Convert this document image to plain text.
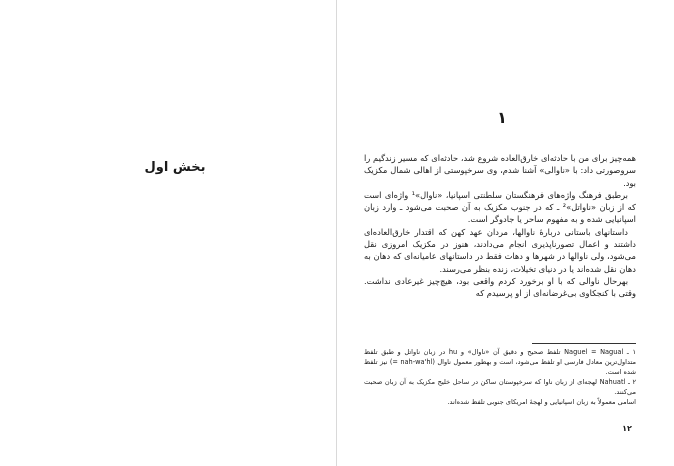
بخش اول
۱

همه‌چیز برای من با حادثه‌ای خارق‌العاده شروع شد، حادثه‌ای که مسیر زندگیم را سروصورتی داد: با «ناوالی» آشنا شدم، وی سرخپوستی از اهالی شمال مکزیک بود.

برطبق فرهنگ واژه‌های فرهنگستان سلطنتی اسپانیا، «ناوال»¹ واژه‌ای است که از زبان «ناواتل»² ـ که در جنوب مکزیک به آن صحبت می‌شود ـ وارد زبان اسپانیایی شده و به مفهوم ساحر یا جادوگر است.

داستانهای باستانی دربارهٔ ناوالها، مردان عهد کهن که اقتدار خارق‌العاده‌ای داشتند و اعمال تصورناپذیری انجام می‌دادند، هنوز در مکزیک امروزی نقل می‌شود، ولی ناوالها در شهرها و دهات فقط در داستانهای عامیانه‌ای که دهان به دهان نقل شده‌اند یا در دنیای تخیلات، زنده بنظر می‌رسند.

بهرحال ناوالی که با او برخورد کردم واقعی بود، هیچ‌چیز غیرعادی نداشت. وقتی با کنجکاوی بی‌غرضانه‌ای از او پرسیدم که

۱ ـ Naguel = Nagual تلفظ صحیح و دقیق آن «ناوال» و hu در زبان ناواتل و طبق تلفظ متداول‌ترین معادل فارسی او تلفظ می‌شود، است و بهطور معمول ناوال (nah-wa'hl =) نیز تلفظ شده است.

۲ ـ Nahuatl لهجه‌ای از زبان ناوا که سرخپوستان ساکن در ساحل خلیج مکزیک به آن زبان صحبت می‌کنند.

اسامی معمولاً به زبان اسپانیایی و لهجهٔ امریکای جنوبی تلفظ شده‌اند.

۱۲
